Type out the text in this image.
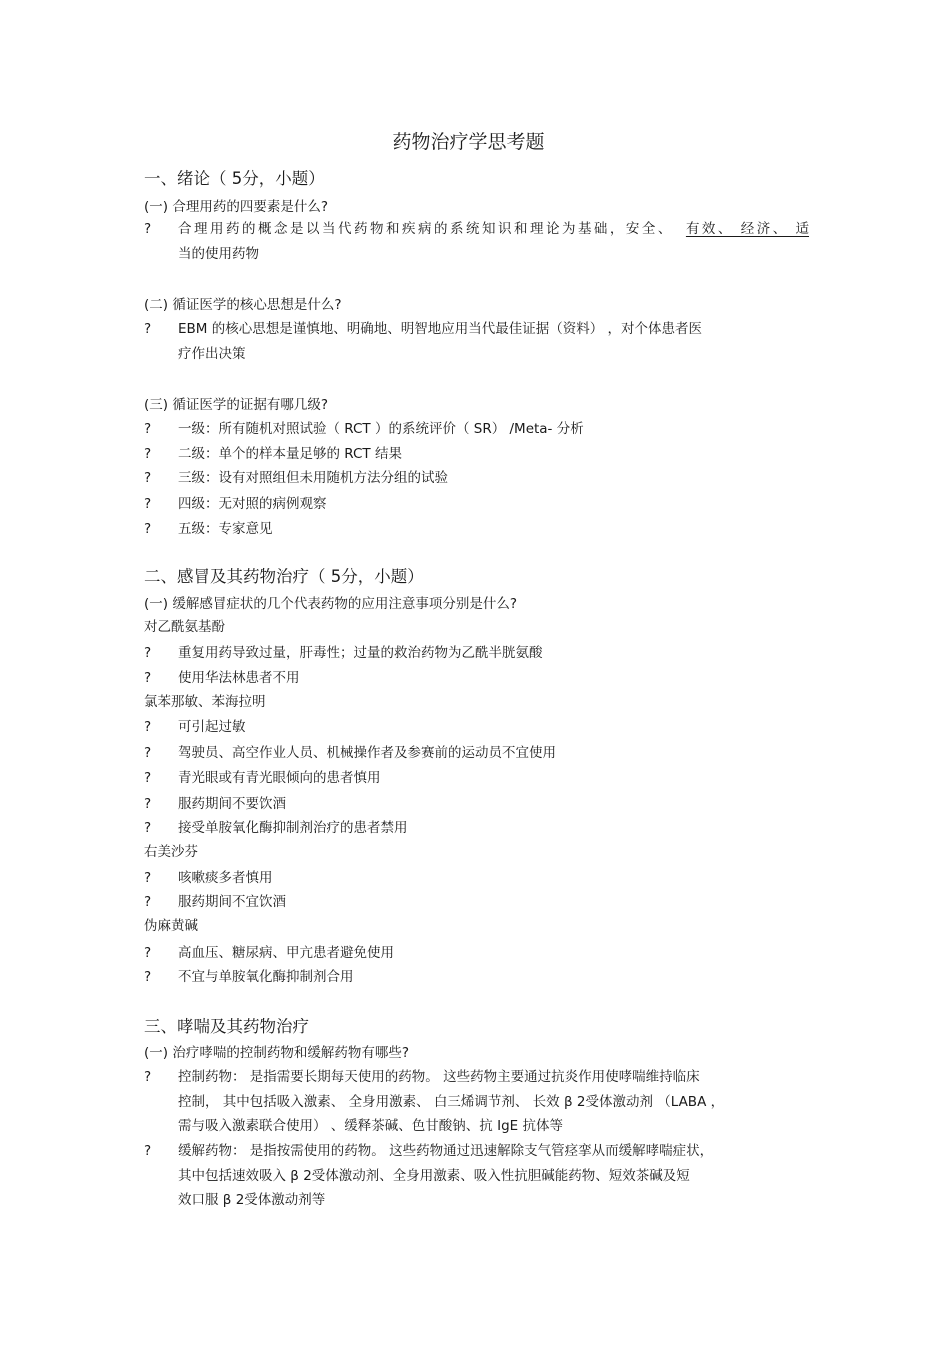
药物治疗学思考题
一、绪论（ 5分，小题）
(一) 合理用药的四要素是什么?
?	合理用药的概念是以当代药物和疾病的系统知识和理论为基础，安全、 有效、 经济、 适
当的使用药物
(二) 循证医学的核心思想是什么?
?	EBM 的核心思想是谨慎地、明确地、明智地应用当代最佳证据（资料） ，对个体患者医
疗作出决策
(三) 循证医学的证据有哪几级?
?	一级：所有随机对照试验（ RCT ）的系统评价（ SR） /Meta- 分析
?	二级：单个的样本量足够的 RCT 结果
?	三级：设有对照组但未用随机方法分组的试验
?	四级：无对照的病例观察
?	五级：专家意见
二、感冒及其药物治疗（ 5分，小题）
(一) 缓解感冒症状的几个代表药物的应用注意事项分别是什么?
对乙酰氨基酚
?	重复用药导致过量，肝毒性；过量的救治药物为乙酰半胱氨酸
?	使用华法林患者不用
氯苯那敏、苯海拉明
?	可引起过敏
?	驾驶员、高空作业人员、机械操作者及参赛前的运动员不宜使用
?	青光眼或有青光眼倾向的患者慎用
?	服药期间不要饮酒
?	接受单胺氧化酶抑制剂治疗的患者禁用
右美沙芬
?	咳嗽痰多者慎用
?	服药期间不宜饮酒
伪麻黄碱
?	高血压、糖尿病、甲亢患者避免使用
?	不宜与单胺氧化酶抑制剂合用
三、哮喘及其药物治疗
(一) 治疗哮喘的控制药物和缓解药物有哪些?
?	控制药物： 是指需要长期每天使用的药物。 这些药物主要通过抗炎作用使哮喘维持临床
控制， 其中包括吸入激素、 全身用激素、 白三烯调节剂、 长效 β 2受体激动剂 （LABA ，
需与吸入激素联合使用） 、缓释茶碱、色甘酸钠、抗 IgE 抗体等
?	缓解药物： 是指按需使用的药物。 这些药物通过迅速解除支气管痉挛从而缓解哮喘症状，
其中包括速效吸入 β 2受体激动剂、全身用激素、吸入性抗胆碱能药物、短效茶碱及短
效口服 β 2受体激动剂等
